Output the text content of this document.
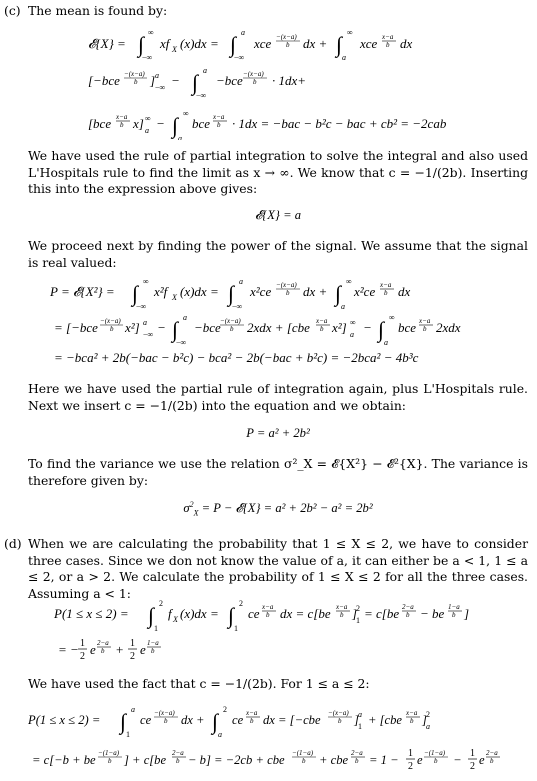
(c) The mean is found by:
𝓔{X} = ∫ ∞
−∞
xf X (x)dx = ∫ a
−∞
xce −(x−a)
b dx + ∫ ∞
a
xce x−a
b dx
[−bce −(x−a)
b ] a
−∞ − ∫ a
−∞
−bce −(x−a)
b · 1dx+
[bce x−a
b x] ∞
a − ∫ ∞
a
bce x−a
b · 1dx = −bac − b²c − bac + cb² = −2cab
We have used the rule of partial integration to solve the integral and also used L'Hospitals rule to find the limit as x → ∞. We know that c = −1/(2b). Inserting this into the expression above gives:
𝓔{X} = a
We proceed next by finding the power of the signal. We assume that the signal is real valued:
P = 𝓔{X²} = ∫ ∞
−∞
x²f X (x)dx = ∫ a
−∞
x²ce −(x−a)
b dx + ∫ ∞
a
x²ce x−a
b dx
= [−bce −(x−a)
b x²] a
−∞ − ∫ a
−∞
−bce −(x−a)
b 2xdx + [cbe x−a
b x²] ∞
a − ∫ ∞
a
bce x−a
b 2xdx
= −bca² + 2b(−bac − b²c) − bca² − 2b(−bac + b²c) = −2bca² − 4b³c
Here we have used the partial rule of integration again, plus L'Hospitals rule. Next we insert c = −1/(2b) into the equation and we obtain:
P = a² + 2b²
To find the variance we use the relation σ²_X = 𝓔{X²} − 𝓔²{X}. The variance is therefore given by:
$\sigma^2_X = P$ − 𝓔{X} = a² + 2b² − a² = 2b²
(d) When we are calculating the probability that 1 ≤ X ≤ 2, we have to consider three cases. Since we don not know the value of a, it can either be a < 1, 1 ≤ a ≤ 2, or a > 2. We calculate the probability of 1 ≤ X ≤ 2 for all the three cases. Assuming a < 1:
P(1 ≤ x ≤ 2) = ∫ 2
1
f X (x)dx = ∫ 2
1
ce x−a
b dx = c[be x−a
b ]
2
1 = c[be 2−a
b − be 1−a
b ]
= − 1
2 e 2−a
b + 1
2 e 1−a
b
We have used the fact that c = −1/(2b). For 1 ≤ a ≤ 2:
P(1 ≤ x ≤ 2) = ∫ a
1
ce −(x−a)
b dx + ∫ 2
a
ce x−a
b dx = [−cbe −(x−a)
b ] a
1 + [cbe x−a
b ] 2
a
= c[−b + be −(1−a)
b ] + c[be 2−a
b − b] = −2cb + cbe −(1−a)
b + cbe 2−a
b = 1 − 1
2 e −(1−a)
b − 1
2 e 2−a
b
